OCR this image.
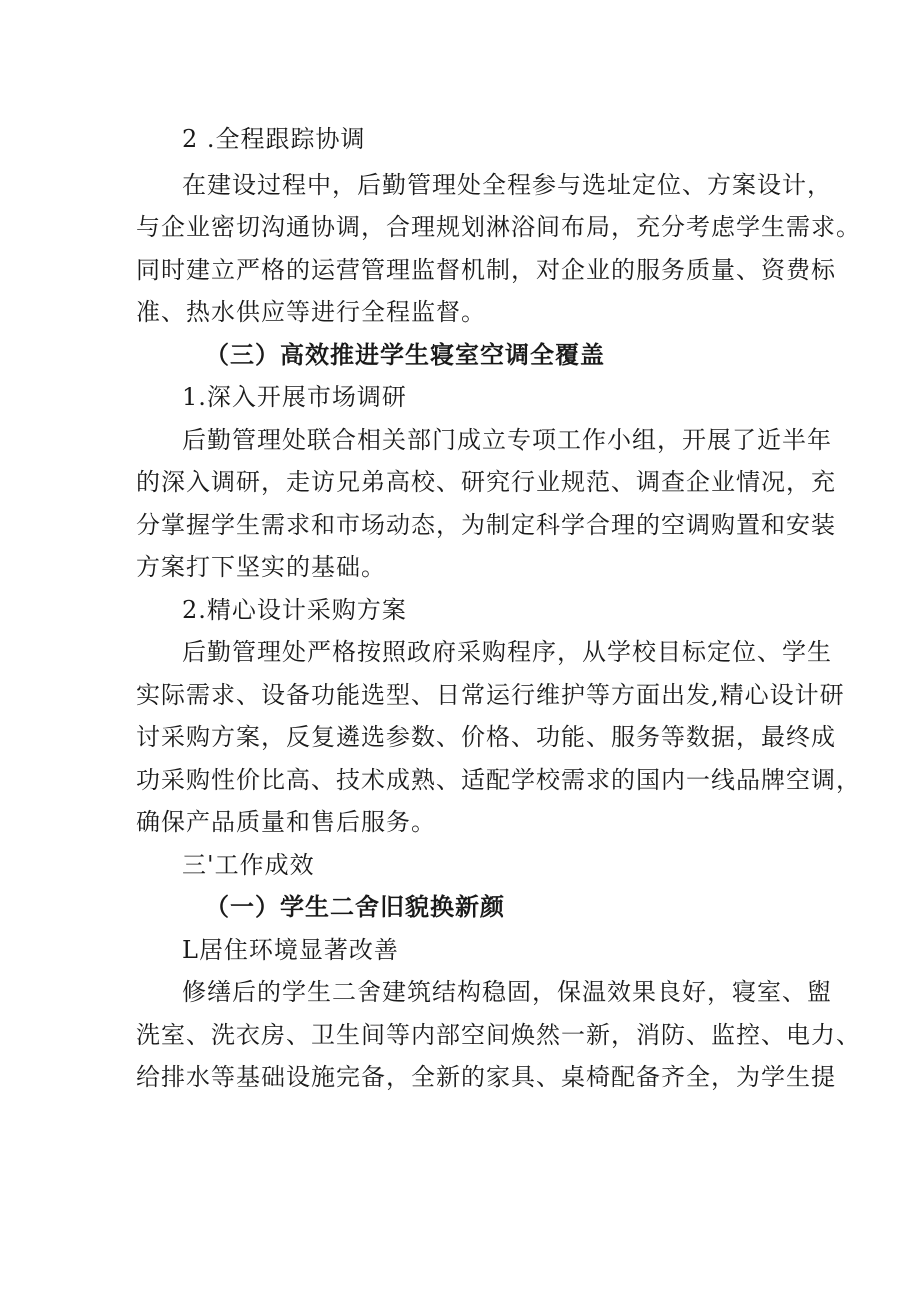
2 .全程跟踪协调
在建设过程中，后勤管理处全程参与选址定位、方案设计，
与企业密切沟通协调，合理规划淋浴间布局，充分考虑学生需求。
同时建立严格的运营管理监督机制，对企业的服务质量、资费标
准、热水供应等进行全程监督。
（三）高效推进学生寝室空调全覆盖
1.深入开展市场调研
后勤管理处联合相关部门成立专项工作小组，开展了近半年
的深入调研，走访兄弟高校、研究行业规范、调查企业情况，充
分掌握学生需求和市场动态，为制定科学合理的空调购置和安装
方案打下坚实的基础。
2.精心设计采购方案
后勤管理处严格按照政府采购程序，从学校目标定位、学生
实际需求、设备功能选型、日常运行维护等方面出发,精心设计研
讨采购方案，反复遴选参数、价格、功能、服务等数据，最终成
功采购性价比高、技术成熟、适配学校需求的国内一线品牌空调，
确保产品质量和售后服务。
三'工作成效
（一）学生二舍旧貌换新颜
L居住环境显著改善
修缮后的学生二舍建筑结构稳固，保温效果良好，寝室、盥
洗室、洗衣房、卫生间等内部空间焕然一新，消防、监控、电力、
给排水等基础设施完备，全新的家具、桌椅配备齐全，为学生提
